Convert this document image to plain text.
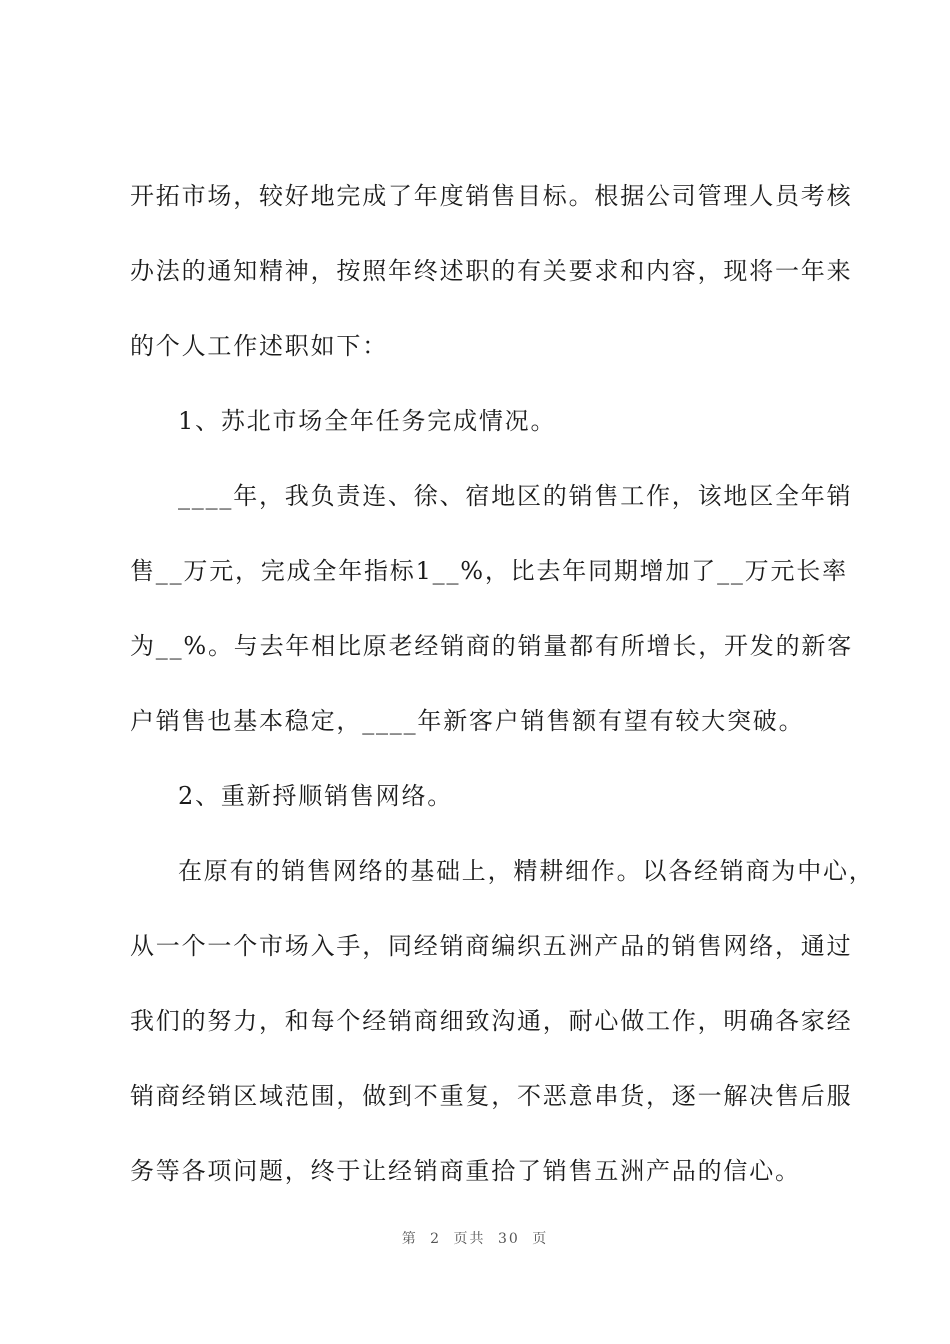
开拓市场，较好地完成了年度销售目标。根据公司管理人员考核
办法的通知精神，按照年终述职的有关要求和内容，现将一年来
的个人工作述职如下：
1、苏北市场全年任务完成情况。
____年，我负责连、徐、宿地区的销售工作，该地区全年销
售__万元，完成全年指标1__%，比去年同期增加了__万元长率
为__%。与去年相比原老经销商的销量都有所增长，开发的新客
户销售也基本稳定，____年新客户销售额有望有较大突破。
2、重新捋顺销售网络。
在原有的销售网络的基础上，精耕细作。以各经销商为中心，
从一个一个市场入手，同经销商编织五洲产品的销售网络，通过
我们的努力，和每个经销商细致沟通，耐心做工作，明确各家经
销商经销区域范围，做到不重复，不恶意串货，逐一解决售后服
务等各项问题，终于让经销商重拾了销售五洲产品的信心。
第 2 页共 30 页
